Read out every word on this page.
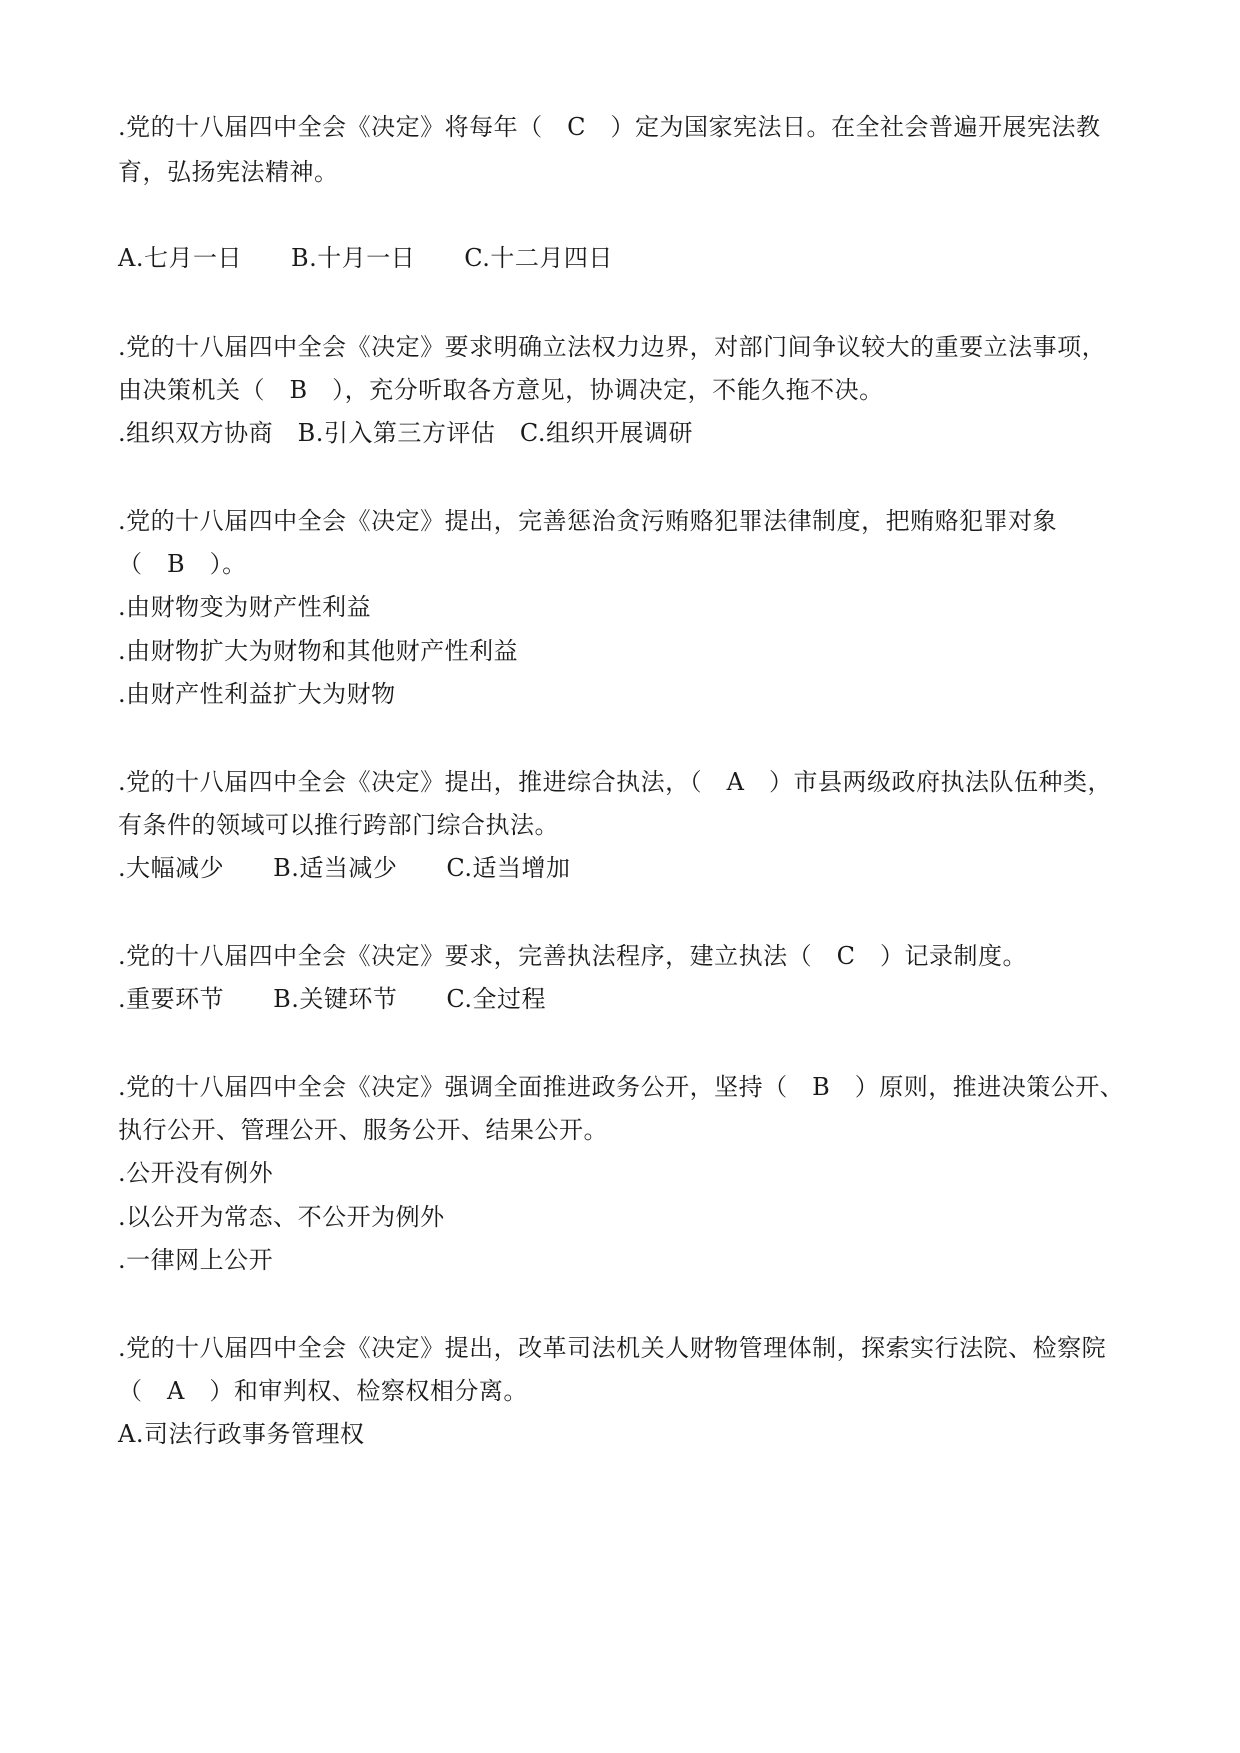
.党的十八届四中全会《决定》将每年（　C　）定为国家宪法日。在全社会普遍开展宪法教
育，弘扬宪法精神。
A.七月一日　　B.十月一日　　C.十二月四日
.党的十八届四中全会《决定》要求明确立法权力边界，对部门间争议较大的重要立法事项，
由决策机关（　B　），充分听取各方意见，协调决定，不能久拖不决。
.组织双方协商　B.引入第三方评估　C.组织开展调研
.党的十八届四中全会《决定》提出，完善惩治贪污贿赂犯罪法律制度，把贿赂犯罪对象
（　B　）。
.由财物变为财产性利益
.由财物扩大为财物和其他财产性利益
.由财产性利益扩大为财物
.党的十八届四中全会《决定》提出，推进综合执法，（　A　）市县两级政府执法队伍种类，
有条件的领域可以推行跨部门综合执法。
.大幅减少　　B.适当减少　　C.适当增加
.党的十八届四中全会《决定》要求，完善执法程序，建立执法（　C　）记录制度。
.重要环节　　B.关键环节　　C.全过程
.党的十八届四中全会《决定》强调全面推进政务公开，坚持（　B　）原则，推进决策公开、
执行公开、管理公开、服务公开、结果公开。
.公开没有例外
.以公开为常态、不公开为例外
.一律网上公开
.党的十八届四中全会《决定》提出，改革司法机关人财物管理体制，探索实行法院、检察院
（　A　）和审判权、检察权相分离。
A.司法行政事务管理权
